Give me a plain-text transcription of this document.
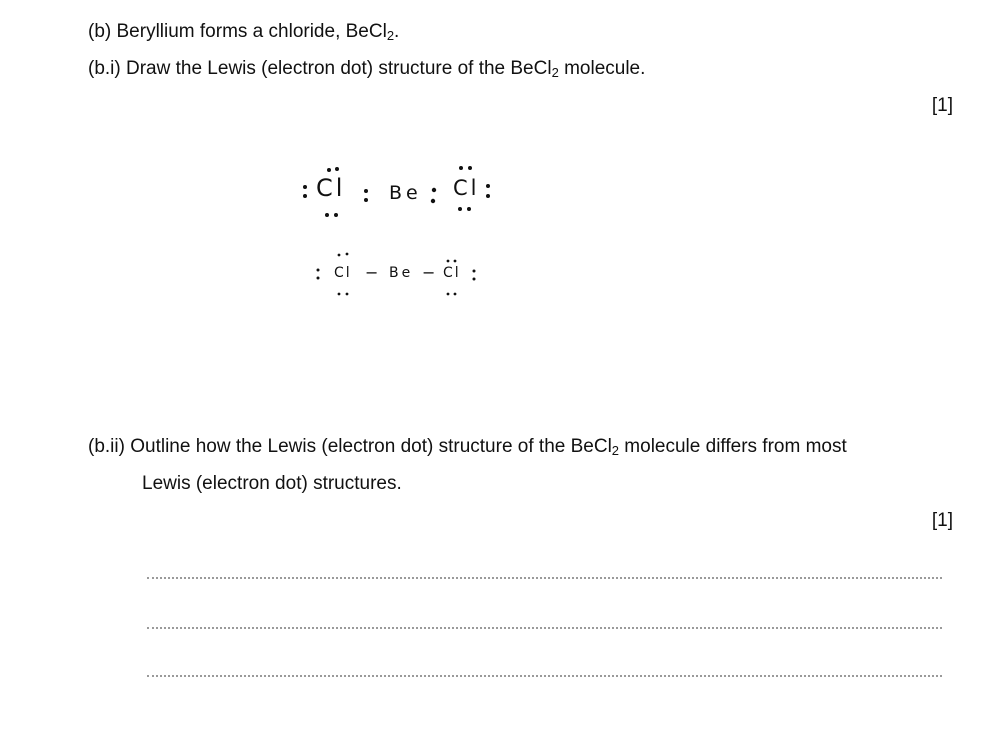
(b) Beryllium forms a chloride, BeCl$_2$.
(b.i) Draw the Lewis (electron dot) structure of the BeCl$_2$ molecule.
[1]
Cl Be Cl
Cl − Be − Cl
(b.ii) Outline how the Lewis (electron dot) structure of the BeCl$_2$ molecule differs from most
Lewis (electron dot) structures.
[1]
